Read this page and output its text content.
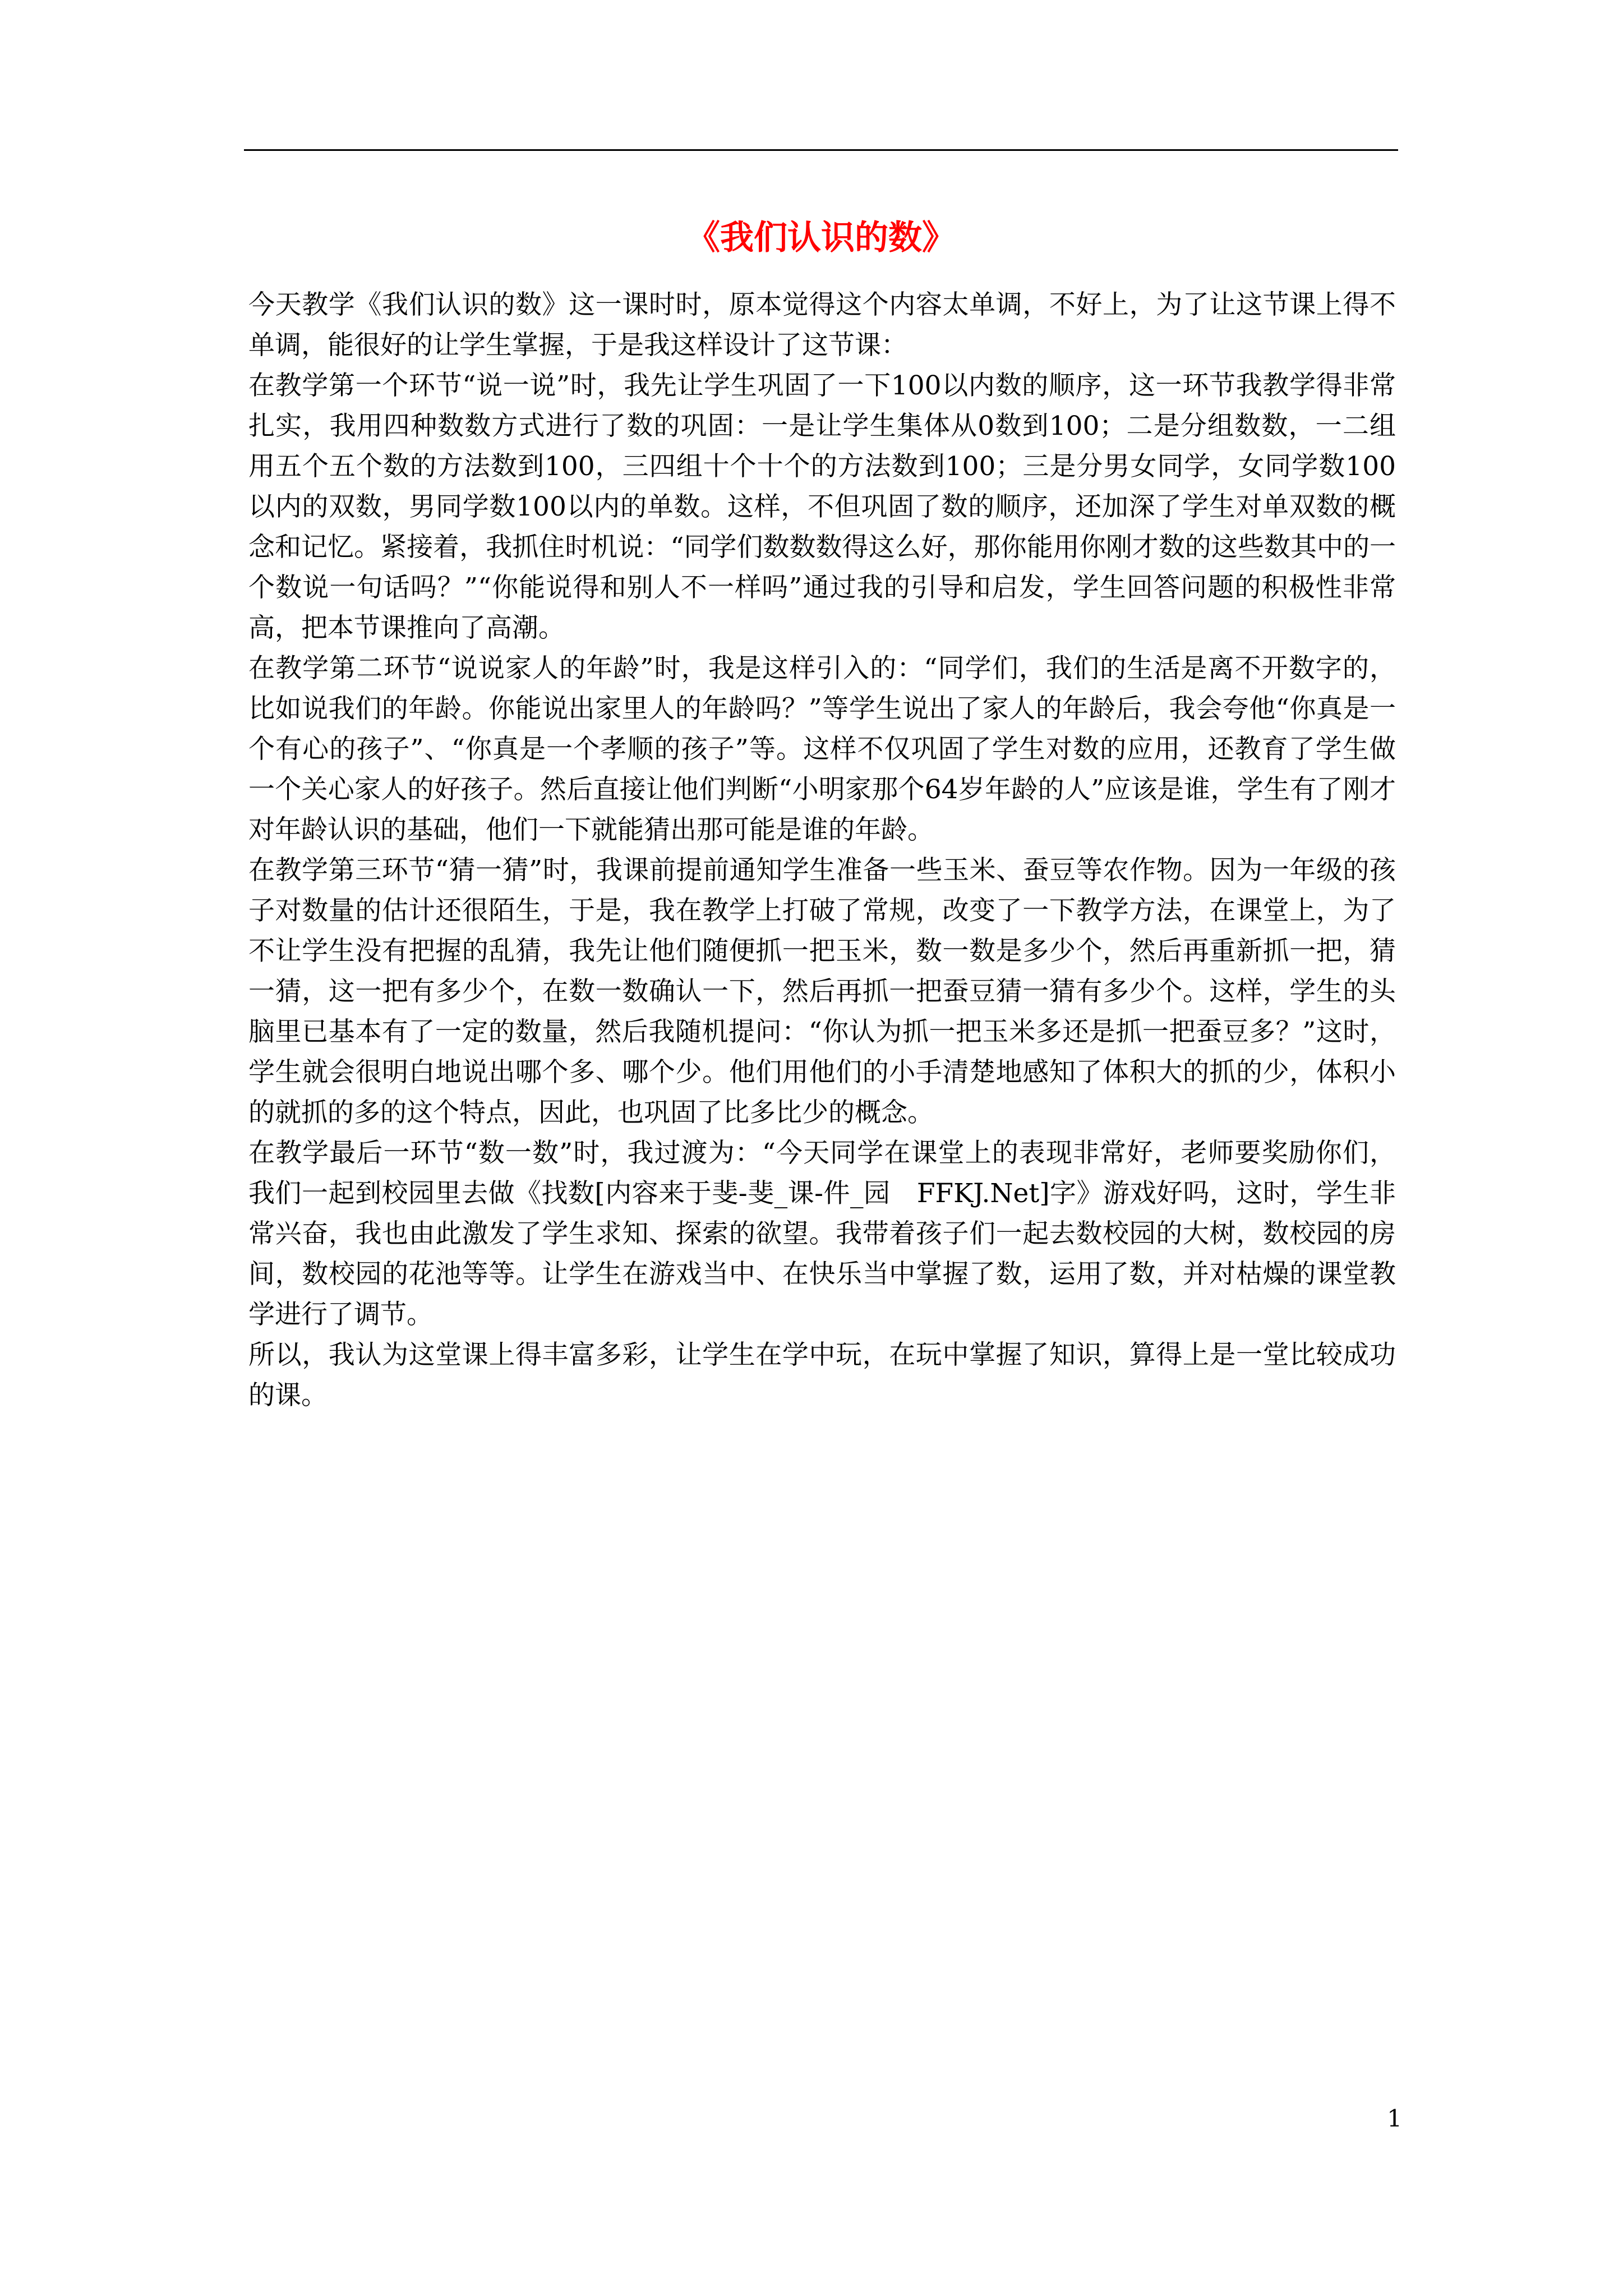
《我们认识的数》

今天教学《我们认识的数》这一课时时，原本觉得这个内容太单调，不好上，为了让这节课上得不单调，能很好的让学生掌握，于是我这样设计了这节课：

在教学第一个环节“说一说”时，我先让学生巩固了一下100以内数的顺序，这一环节我教学得非常扎实，我用四种数数方式进行了数的巩固：一是让学生集体从0数到100；二是分组数数，一二组用五个五个数的方法数到100，三四组十个十个的方法数到100；三是分男女同学，女同学数100以内的双数，男同学数100以内的单数。这样，不但巩固了数的顺序，还加深了学生对单双数的概念和记忆。紧接着，我抓住时机说：“同学们数数数得这么好，那你能用你刚才数的这些数其中的一个数说一句话吗？”“你能说得和别人不一样吗”通过我的引导和启发，学生回答问题的积极性非常高，把本节课推向了高潮。

在教学第二环节“说说家人的年龄”时，我是这样引入的：“同学们，我们的生活是离不开数字的，比如说我们的年龄。你能说出家里人的年龄吗？”等学生说出了家人的年龄后，我会夸他“你真是一个有心的孩子”、“你真是一个孝顺的孩子”等。这样不仅巩固了学生对数的应用，还教育了学生做一个关心家人的好孩子。然后直接让他们判断“小明家那个64岁年龄的人”应该是谁，学生有了刚才对年龄认识的基础，他们一下就能猜出那可能是谁的年龄。

在教学第三环节“猜一猜”时，我课前提前通知学生准备一些玉米、蚕豆等农作物。因为一年级的孩子对数量的估计还很陌生，于是，我在教学上打破了常规，改变了一下教学方法，在课堂上，为了不让学生没有把握的乱猜，我先让他们随便抓一把玉米，数一数是多少个，然后再重新抓一把，猜一猜，这一把有多少个，在数一数确认一下，然后再抓一把蚕豆猜一猜有多少个。这样，学生的头脑里已基本有了一定的数量，然后我随机提问：“你认为抓一把玉米多还是抓一把蚕豆多？”这时，学生就会很明白地说出哪个多、哪个少。他们用他们的小手清楚地感知了体积大的抓的少，体积小的就抓的多的这个特点，因此，也巩固了比多比少的概念。

在教学最后一环节“数一数”时，我过渡为：“今天同学在课堂上的表现非常好，老师要奖励你们，我们一起到校园里去做《找数[内容来于斐-斐_课-件_园　FFKJ.Net]字》游戏好吗，这时，学生非常兴奋，我也由此激发了学生求知、探索的欲望。我带着孩子们一起去数校园的大树，数校园的房间，数校园的花池等等。让学生在游戏当中、在快乐当中掌握了数，运用了数，并对枯燥的课堂教学进行了调节。

所以，我认为这堂课上得丰富多彩，让学生在学中玩，在玩中掌握了知识，算得上是一堂比较成功的课。

1
